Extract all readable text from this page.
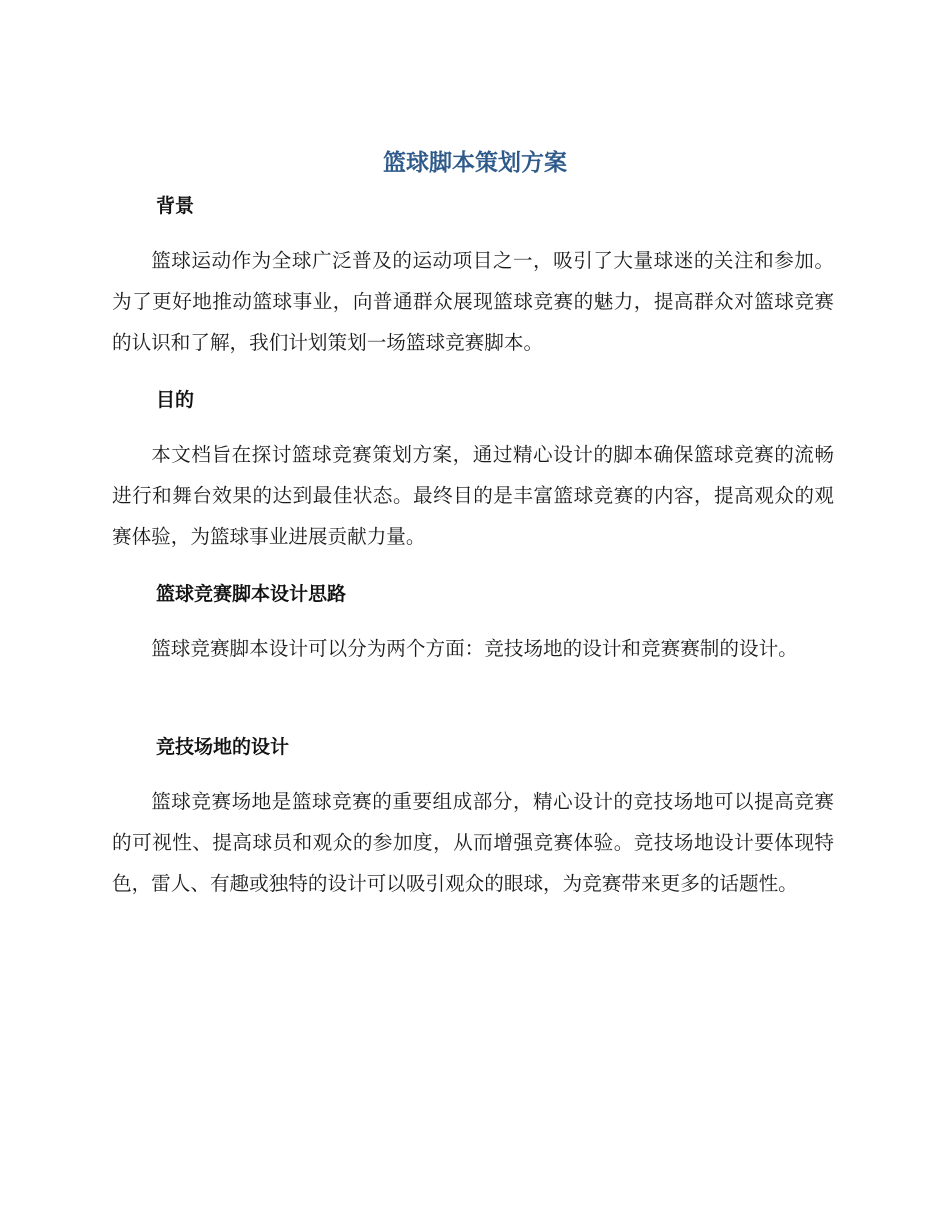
篮球脚本策划方案
背景

篮球运动作为全球广泛普及的运动项目之一，吸引了大量球迷的关注和参加。为了更好地推动篮球事业，向普通群众展现篮球竞赛的魅力，提高群众对篮球竞赛的认识和了解，我们计划策划一场篮球竞赛脚本。

目的

本文档旨在探讨篮球竞赛策划方案，通过精心设计的脚本确保篮球竞赛的流畅进行和舞台效果的达到最佳状态。最终目的是丰富篮球竞赛的内容，提高观众的观赛体验，为篮球事业进展贡献力量。

篮球竞赛脚本设计思路

篮球竞赛脚本设计可以分为两个方面：竞技场地的设计和竞赛赛制的设计。

竞技场地的设计

篮球竞赛场地是篮球竞赛的重要组成部分，精心设计的竞技场地可以提高竞赛的可视性、提高球员和观众的参加度，从而增强竞赛体验。竞技场地设计要体现特色，雷人、有趣或独特的设计可以吸引观众的眼球，为竞赛带来更多的话题性。
